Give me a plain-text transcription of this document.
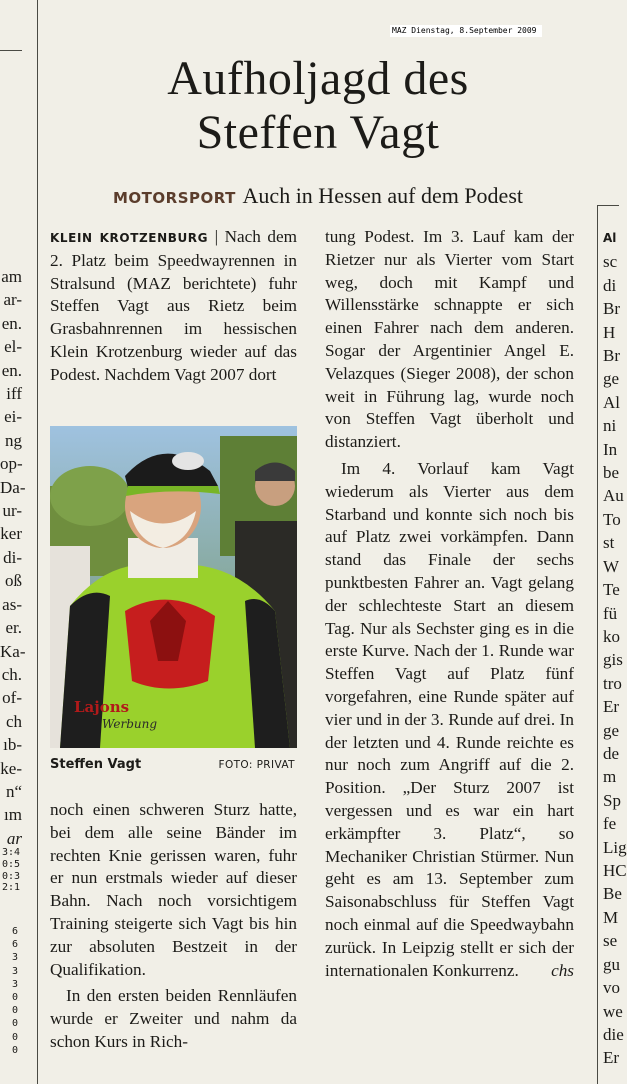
MAZ Dienstag, 8.September 2009
Aufholjagd des
Steffen Vagt
MOTORSPORT Auch in Hessen auf dem Podest

KLEIN KROTZENBURG | Nach dem 2. Platz beim Speedwayrennen in Stralsund (MAZ berichtete) fuhr Steffen Vagt aus Rietz beim Grasbahnrennen im hessischen Klein Krotzenburg wieder auf das Podest. Nachdem Vagt 2007 dort

Lajons
Werbung
Steffen Vagt	FOTO: PRIVAT

noch einen schweren Sturz hatte, bei dem alle seine Bänder im rechten Knie gerissen waren, fuhr er nun erstmals wieder auf dieser Bahn. Nach noch vorsichtigem Training steigerte sich Vagt bis hin zur absoluten Bestzeit in der Qualifikation.

In den ersten beiden Rennläufen wurde er Zweiter und nahm da schon Kurs in Rich-

tung Podest. Im 3. Lauf kam der Rietzer nur als Vierter vom Start weg, doch mit Kampf und Willensstärke schnappte er sich einen Fahrer nach dem anderen. Sogar der Argentinier Angel E. Velazques (Sieger 2008), der schon weit in Führung lag, wurde noch von Steffen Vagt überholt und distanziert.

Im 4. Vorlauf kam Vagt wiederum als Vierter aus dem Starband und konnte sich noch bis auf Platz zwei vorkämpfen. Dann stand das Finale der sechs punktbesten Fahrer an. Vagt gelang der schlechteste Start an diesem Tag. Nur als Sechster ging es in die erste Kurve. Nach der 1. Runde war Steffen Vagt auf Platz fünf vorgefahren, eine Runde später auf vier und in der 3. Runde auf drei. In der letzten und 4. Runde reichte es nur noch zum Angriff auf die 2. Position. „Der Sturz 2007 ist vergessen und es war ein hart erkämpfter 3. Platz“, so Mechaniker Christian Stürmer. Nun geht es am 13. September zum Saisonabschluss für Steffen Vagt noch einmal auf die Speedwaybahn zurück. In Leipzig stellt er sich der internationalen Konkurrenz.	chs

am
ar-
en.
el-
en.
iff
ei-
ng
op-
Da-
ur-
ker
di-
oß
as-
er.
Ka-
ch.
of-
ch
ıb-
ke-
n“
ım
ar
3:4
0:5
0:3
2:1
6
6
3
3
3
0
0
0
0
0
Al
sc
di
Br
H
Br
ge
Al
ni
In
be
Au
To
st
W
Te
fü
ko
gis
tro
Er
ge
de
m
Sp
fe
Lig
HC
Be
M
se
gu
vo
we
die
Er
